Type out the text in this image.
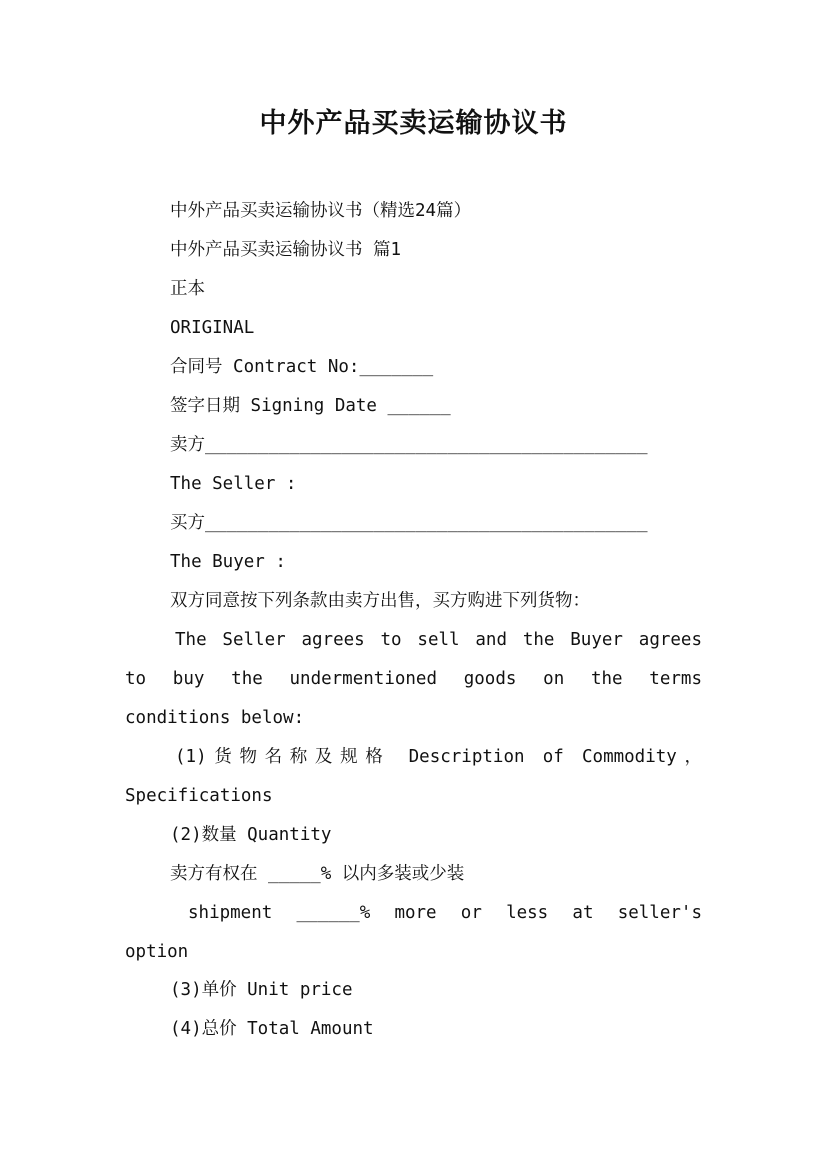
中外产品买卖运输协议书
中外产品买卖运输协议书（精选24篇）
中外产品买卖运输协议书 篇1
正本
ORIGINAL
合同号 Contract No:_______
签字日期 Signing Date ______
卖方__________________________________________
The Seller :
买方__________________________________________
The Buyer :
双方同意按下列条款由卖方出售，买方购进下列货物：
The Seller agrees to sell and the Buyer agrees
to buy the undermentioned goods on the terms
conditions below:
(1)货物名称及规格 Description of Commodity，
Specifications
(2)数量 Quantity
卖方有权在 _____% 以内多装或少装
shipment ______% more or less at seller's
option
(3)单价 Unit price
(4)总价 Total Amount
